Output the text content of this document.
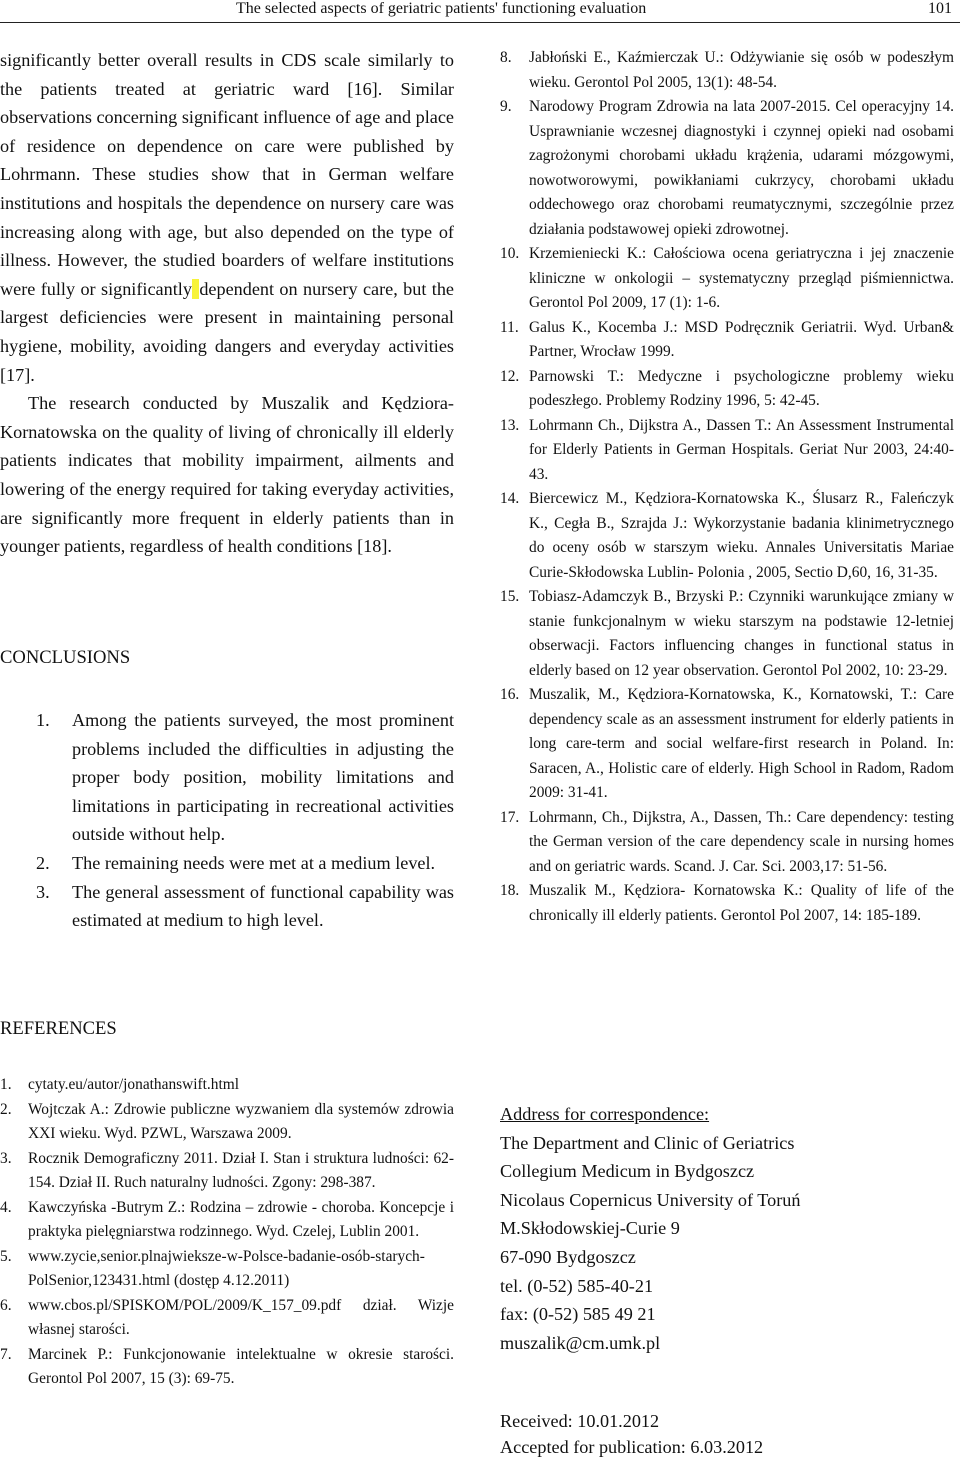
The selected aspects of geriatric patients' functioning evaluation	101

significantly better overall results in CDS scale similarly to the patients treated at geriatric ward [16]. Similar observations concerning significant influence of age and place of residence on dependence on care were published by Lohrmann. These studies show that in German welfare institutions and hospitals the dependence on nursery care was increasing along with age, but also depended on the type of illness. However, the studied boarders of welfare institutions were fully or significantly dependent on nursery care, but the largest deficiencies were present in maintaining personal hygiene, mobility, avoiding dangers and everyday activities [17].

The research conducted by Muszalik and Kędziora-Kornatowska on the quality of living of chronically ill elderly patients indicates that mobility impairment, ailments and lowering of the energy required for taking everyday activities, are significantly more frequent in elderly patients than in younger patients, regardless of health conditions [18].

CONCLUSIONS
1.	Among the patients surveyed, the most prominent problems included the difficulties in adjusting the proper body position, mobility limitations and limitations in participating in recreational activities outside without help.
2.	The remaining needs were met at a medium level.
3.	The general assessment of functional capability was estimated at medium to high level.
REFERENCES
1.	cytaty.eu/autor/jonathanswift.html
2.	Wojtczak A.: Zdrowie publiczne wyzwaniem dla systemów zdrowia XXI wieku. Wyd. PZWL, Warszawa 2009.
3.	Rocznik Demograficzny 2011. Dział I. Stan i struktura ludności: 62-154. Dział II. Ruch naturalny ludności. Zgony: 298-387.
4.	Kawczyńska -Butrym Z.: Rodzina – zdrowie - choroba. Koncepcje i praktyka pielęgniarstwa rodzinnego. Wyd. Czelej, Lublin 2001.
5.	www.zycie,senior.plnajwieksze-w-Polsce-badanie-osób-starych-PolSenior,123431.html (dostęp 4.12.2011)
6.	www.cbos.pl/SPISKOM/POL/2009/K_157_09.pdf dział. Wizje własnej starości.
7.	Marcinek P.: Funkcjonowanie intelektualne w okresie starości. Gerontol Pol 2007, 15 (3): 69-75.
8.	Jabłoński E., Kaźmierczak U.: Odżywianie się osób w podeszłym wieku. Gerontol Pol 2005, 13(1): 48-54.
9.	Narodowy Program Zdrowia na lata 2007-2015. Cel operacyjny 14. Usprawnianie wczesnej diagnostyki i czynnej opieki nad osobami zagrożonymi chorobami układu krążenia, udarami mózgowymi, nowotworowymi, powikłaniami cukrzycy, chorobami układu oddechowego oraz chorobami reumatycznymi, szczególnie przez działania podstawowej opieki zdrowotnej.
10. Krzemieniecki K.: Całościowa ocena geriatryczna i jej znaczenie kliniczne w onkologii – systematyczny przegląd piśmiennictwa. Gerontol Pol 2009, 17 (1): 1-6.
11. Galus K., Kocemba J.: MSD Podręcznik Geriatrii. Wyd. Urban& Partner, Wrocław 1999.
12. Parnowski T.: Medyczne i psychologiczne problemy wieku podeszłego. Problemy Rodziny 1996, 5: 42-45.
13. Lohrmann Ch., Dijkstra A., Dassen T.: An Assessment Instrumental for Elderly Patients in German Hospitals. Geriat Nur 2003, 24:40-43.
14. Biercewicz M., Kędziora-Kornatowska K., Ślusarz R., Faleńczyk K., Cegła B., Szrajda J.: Wykorzystanie badania klinimetrycznego do oceny osób w starszym wieku. Annales Universitatis Mariae Curie-Skłodowska Lublin- Polonia , 2005, Sectio D,60, 16, 31-35.
15. Tobiasz-Adamczyk B., Brzyski P.: Czynniki warunkujące zmiany w stanie funkcjonalnym w wieku starszym na podstawie 12-letniej obserwacji. Factors influencing changes in functional status in elderly based on 12 year observation. Gerontol Pol 2002, 10: 23-29.
16. Muszalik, M., Kędziora-Kornatowska, K., Kornatowski, T.: Care dependency scale as an assessment instrument for elderly patients in long care-term and social welfare-first research in Poland. In: Saracen, A., Holistic care of elderly. High School in Radom, Radom 2009: 31-41.
17. Lohrmann, Ch., Dijkstra, A., Dassen, Th.: Care dependency: testing the German version of the care dependency scale in nursing homes and on geriatric wards. Scand. J. Car. Sci. 2003,17: 51-56.
18. Muszalik M., Kędziora- Kornatowska K.: Quality of life of the chronically ill elderly patients. Gerontol Pol 2007, 14: 185-189.
Address for correspondence:
The Department and Clinic of Geriatrics
Collegium Medicum in Bydgoszcz
Nicolaus Copernicus University of Toruń
M.Skłodowskiej-Curie 9
67-090 Bydgoszcz
tel. (0-52) 585-40-21
fax: (0-52) 585 49 21
muszalik@cm.umk.pl
Received: 10.01.2012
Accepted for publication: 6.03.2012
